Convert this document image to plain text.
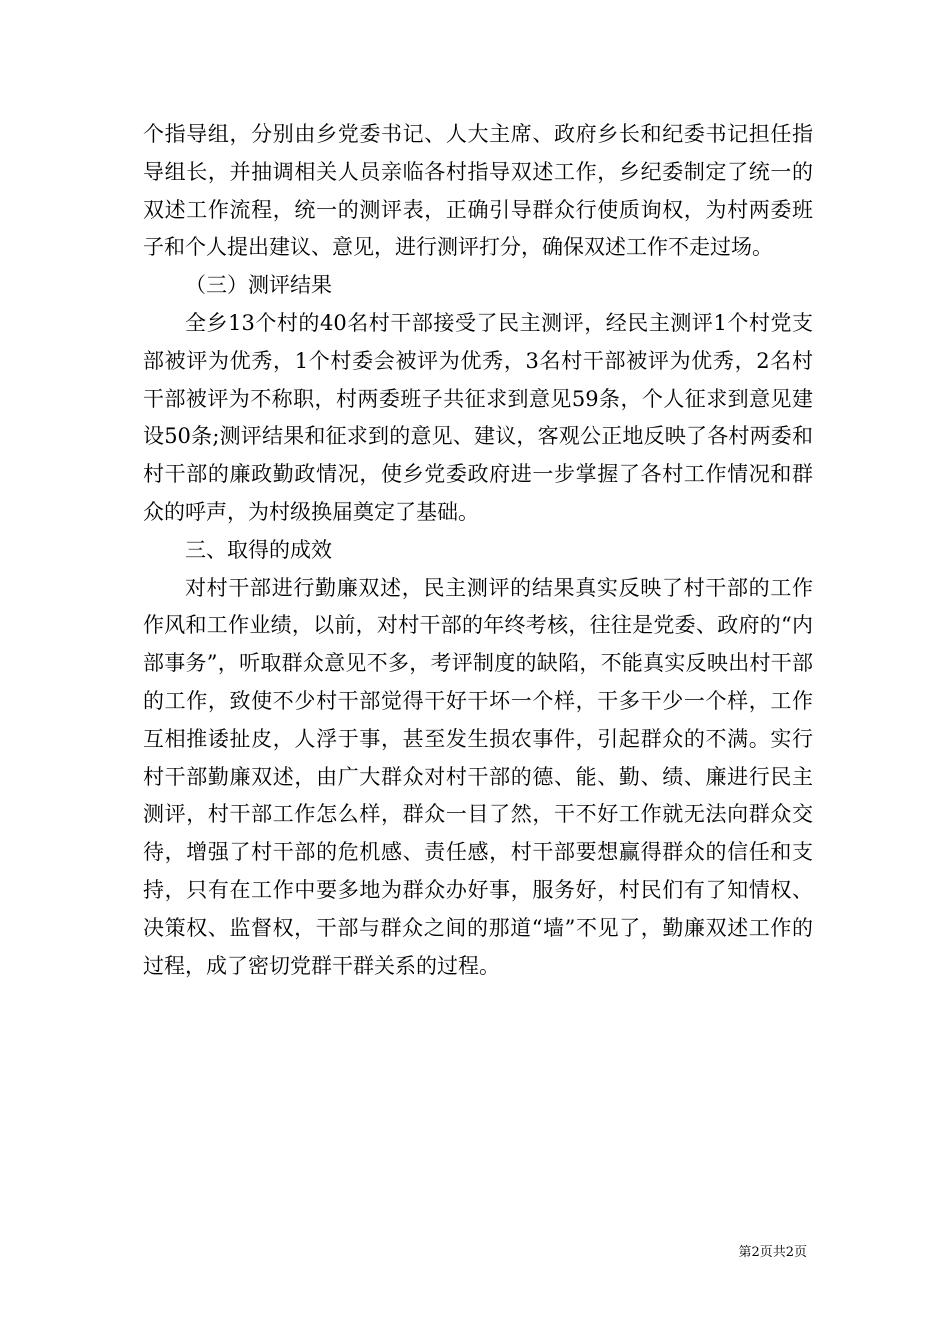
个指导组，分别由乡党委书记、人大主席、政府乡长和纪委书记担任指导组长，并抽调相关人员亲临各村指导双述工作，乡纪委制定了统一的双述工作流程，统一的测评表，正确引导群众行使质询权，为村两委班子和个人提出建议、意见，进行测评打分，确保双述工作不走过场。

（三）测评结果

全乡13个村的40名村干部接受了民主测评，经民主测评1个村党支部被评为优秀，1个村委会被评为优秀，3名村干部被评为优秀，2名村干部被评为不称职，村两委班子共征求到意见59条，个人征求到意见建设50条;测评结果和征求到的意见、建议，客观公正地反映了各村两委和村干部的廉政勤政情况，使乡党委政府进一步掌握了各村工作情况和群众的呼声，为村级换届奠定了基础。

三、取得的成效

对村干部进行勤廉双述，民主测评的结果真实反映了村干部的工作作风和工作业绩，以前，对村干部的年终考核，往往是党委、政府的“内部事务”，听取群众意见不多，考评制度的缺陷，不能真实反映出村干部的工作，致使不少村干部觉得干好干坏一个样，干多干少一个样，工作互相推诿扯皮，人浮于事，甚至发生损农事件，引起群众的不满。实行村干部勤廉双述，由广大群众对村干部的德、能、勤、绩、廉进行民主测评，村干部工作怎么样，群众一目了然，干不好工作就无法向群众交待，增强了村干部的危机感、责任感，村干部要想赢得群众的信任和支持，只有在工作中要多地为群众办好事，服务好，村民们有了知情权、决策权、监督权，干部与群众之间的那道“墙”不见了，勤廉双述工作的过程，成了密切党群干群关系的过程。

第2页共2页
